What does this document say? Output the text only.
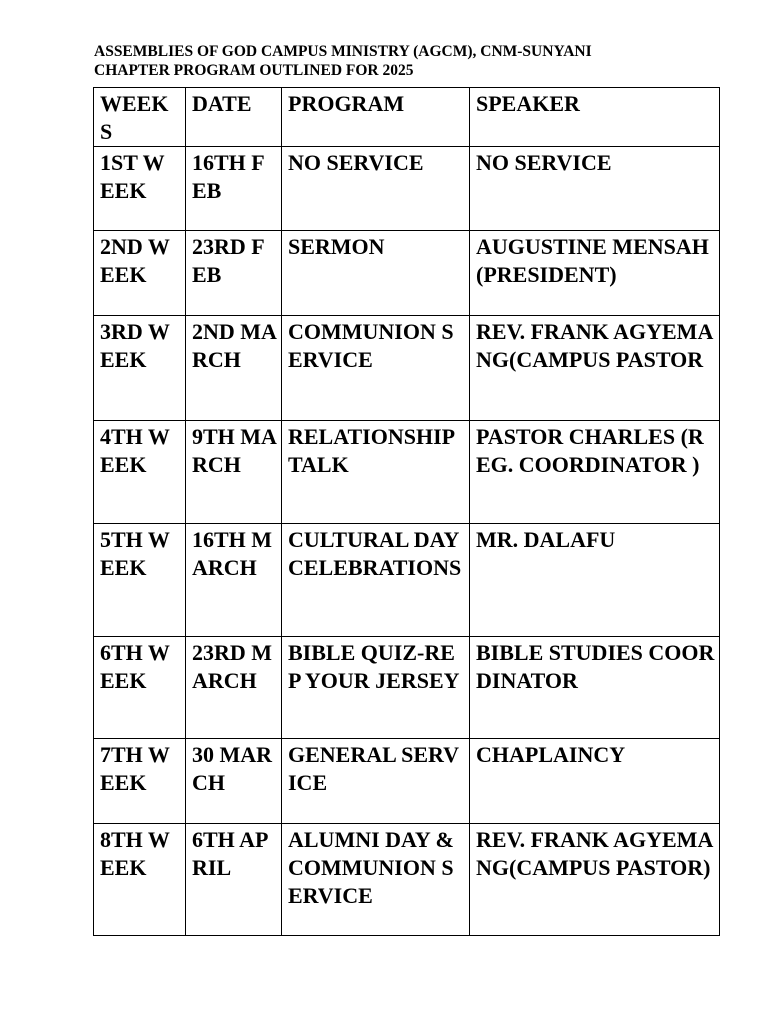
ASSEMBLIES OF GOD CAMPUS MINISTRY (AGCM), CNM-SUNYANI
CHAPTER PROGRAM OUTLINED FOR 2025
WEEKS	DATE	PROGRAM	SPEAKER
1ST WEEK	16TH FEB	NO SERVICE	NO SERVICE
2ND WEEK	23RD FEB	SERMON	AUGUSTINE MENSAH(PRESIDENT)
3RD WEEK	2ND MARCH	COMMUNION SERVICE	REV. FRANK AGYEMANG(CAMPUS PASTOR
4TH WEEK	9TH MARCH	RELATIONSHIP TALK	PASTOR CHARLES (REG. COORDINATOR )
5TH WEEK	16TH MARCH	CULTURAL DAY CELEBRATIONS	MR. DALAFU
6TH WEEK	23RD MARCH	BIBLE QUIZ-REP YOUR JERSEY	BIBLE STUDIES COORDINATOR
7TH WEEK	30 MARCH	GENERAL SERVICE	CHAPLAINCY
8TH WEEK	6TH APRIL	ALUMNI DAY & COMMUNION SERVICE	REV. FRANK AGYEMANG(CAMPUS PASTOR)
